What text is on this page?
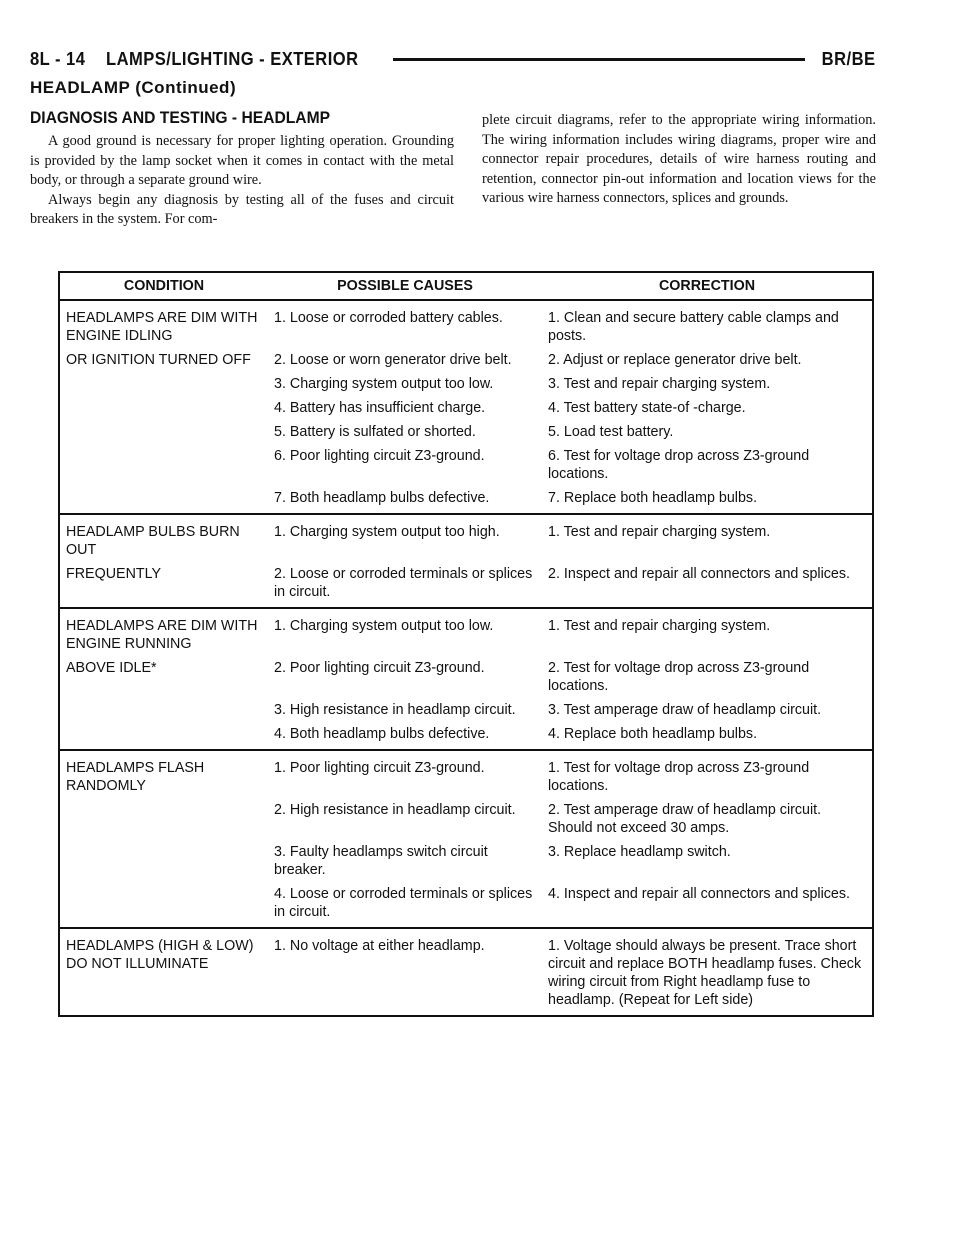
8L - 14 LAMPS/LIGHTING - EXTERIOR	BR/BE
HEADLAMP (Continued)
DIAGNOSIS AND TESTING - HEADLAMP

A good ground is necessary for proper lighting operation. Grounding is provided by the lamp socket when it comes in contact with the metal body, or through a separate ground wire.

Always begin any diagnosis by testing all of the fuses and circuit breakers in the system. For com-

plete circuit diagrams, refer to the appropriate wiring information. The wiring information includes wiring diagrams, proper wire and connector repair procedures, details of wire harness routing and retention, connector pin-out information and location views for the various wire harness connectors, splices and grounds.

CONDITION	POSSIBLE CAUSES	CORRECTION
HEADLAMPS ARE DIM WITH ENGINE IDLING	1. Loose or corroded battery cables.	1. Clean and secure battery cable clamps and posts.
OR IGNITION TURNED OFF	2. Loose or worn generator drive belt.	2. Adjust or replace generator drive belt.
	3. Charging system output too low.	3. Test and repair charging system.
	4. Battery has insufficient charge.	4. Test battery state-of -charge.
	5. Battery is sulfated or shorted.	5. Load test battery.
	6. Poor lighting circuit Z3-ground.	6. Test for voltage drop across Z3-ground locations.
	7. Both headlamp bulbs defective.	7. Replace both headlamp bulbs.
HEADLAMP BULBS BURN OUT	1. Charging system output too high.	1. Test and repair charging system.
FREQUENTLY	2. Loose or corroded terminals or splices in circuit.	2. Inspect and repair all connectors and splices.
HEADLAMPS ARE DIM WITH ENGINE RUNNING	1. Charging system output too low.	1. Test and repair charging system.
ABOVE IDLE*	2. Poor lighting circuit Z3-ground.	2. Test for voltage drop across Z3-ground locations.
	3. High resistance in headlamp circuit.	3. Test amperage draw of headlamp circuit.
	4. Both headlamp bulbs defective.	4. Replace both headlamp bulbs.
HEADLAMPS FLASH RANDOMLY	1. Poor lighting circuit Z3-ground.	1. Test for voltage drop across Z3-ground locations.
	2. High resistance in headlamp circuit.	2. Test amperage draw of headlamp circuit. Should not exceed 30 amps.
	3. Faulty headlamps switch circuit breaker.	3. Replace headlamp switch.
	4. Loose or corroded terminals or splices in circuit.	4. Inspect and repair all connectors and splices.
HEADLAMPS (HIGH & LOW) DO NOT ILLUMINATE	1. No voltage at either headlamp.	1. Voltage should always be present. Trace short circuit and replace BOTH headlamp fuses. Check wiring circuit from Right headlamp fuse to headlamp. (Repeat for Left side)
